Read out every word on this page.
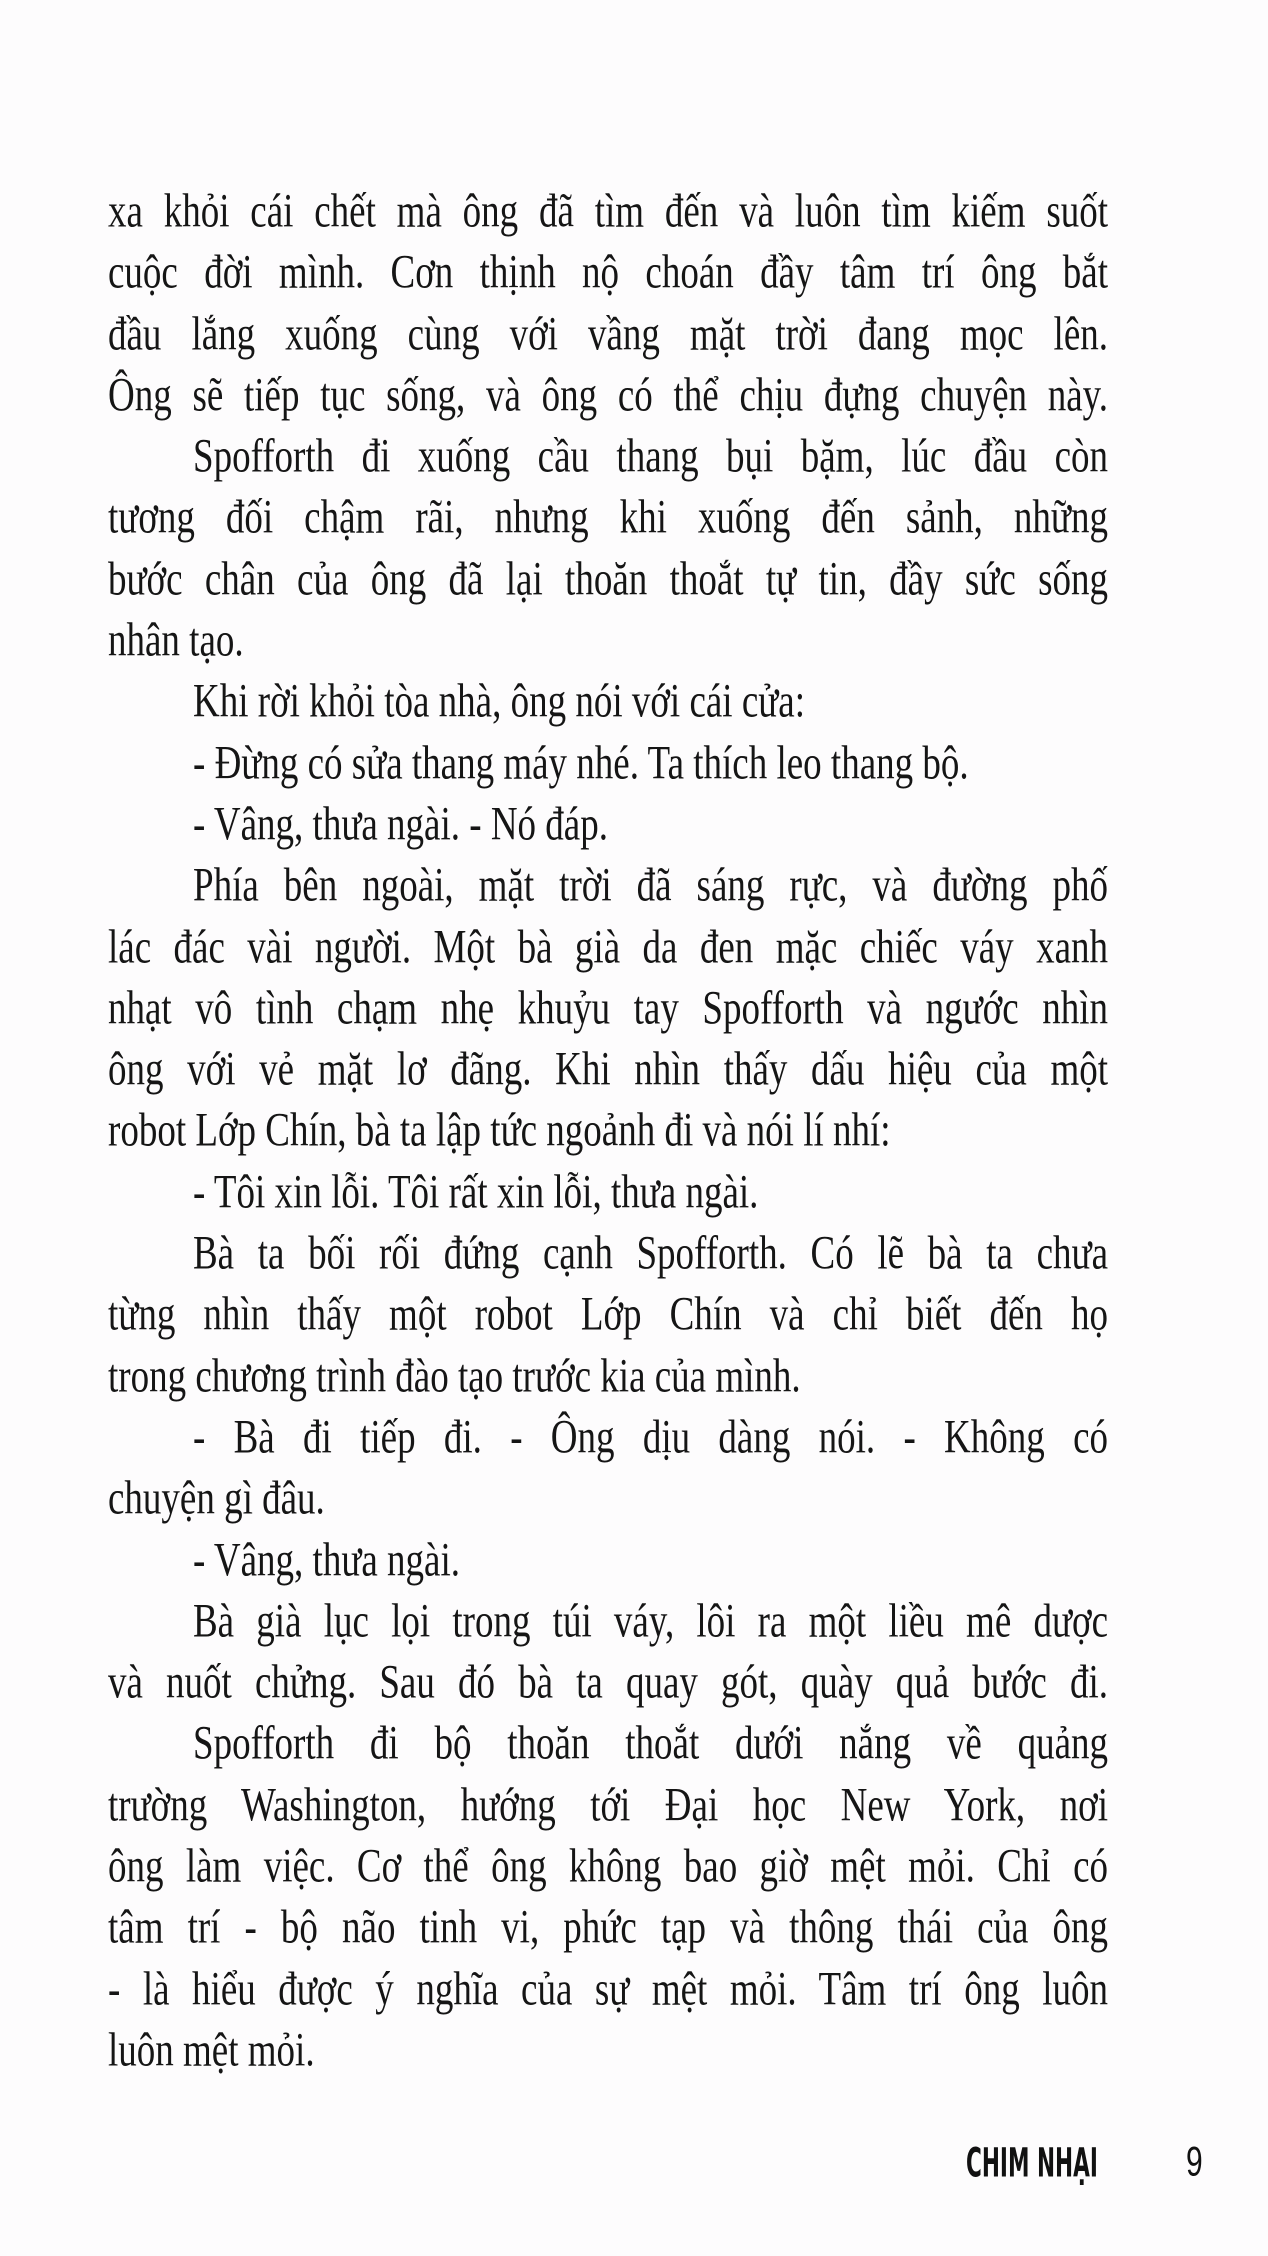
xa khỏi cái chết mà ông đã tìm đến và luôn tìm kiếm suốt
cuộc đời mình. Cơn thịnh nộ choán đầy tâm trí ông bắt
đầu lắng xuống cùng với vầng mặt trời đang mọc lên.
Ông sẽ tiếp tục sống, và ông có thể chịu đựng chuyện này.
Spofforth đi xuống cầu thang bụi bặm, lúc đầu còn
tương đối chậm rãi, nhưng khi xuống đến sảnh, những
bước chân của ông đã lại thoăn thoắt tự tin, đầy sức sống
nhân tạo.
Khi rời khỏi tòa nhà, ông nói với cái cửa:
- Đừng có sửa thang máy nhé. Ta thích leo thang bộ.
- Vâng, thưa ngài. - Nó đáp.
Phía bên ngoài, mặt trời đã sáng rực, và đường phố
lác đác vài người. Một bà già da đen mặc chiếc váy xanh
nhạt vô tình chạm nhẹ khuỷu tay Spofforth và ngước nhìn
ông với vẻ mặt lơ đãng. Khi nhìn thấy dấu hiệu của một
robot Lớp Chín, bà ta lập tức ngoảnh đi và nói lí nhí:
- Tôi xin lỗi. Tôi rất xin lỗi, thưa ngài.
Bà ta bối rối đứng cạnh Spofforth. Có lẽ bà ta chưa
từng nhìn thấy một robot Lớp Chín và chỉ biết đến họ
trong chương trình đào tạo trước kia của mình.
- Bà đi tiếp đi. - Ông dịu dàng nói. - Không có
chuyện gì đâu.
- Vâng, thưa ngài.
Bà già lục lọi trong túi váy, lôi ra một liều mê dược
và nuốt chửng. Sau đó bà ta quay gót, quày quả bước đi.
Spofforth đi bộ thoăn thoắt dưới nắng về quảng
trường Washington, hướng tới Đại học New York, nơi
ông làm việc. Cơ thể ông không bao giờ mệt mỏi. Chỉ có
tâm trí - bộ não tinh vi, phức tạp và thông thái của ông
- là hiểu được ý nghĩa của sự mệt mỏi. Tâm trí ông luôn
luôn mệt mỏi.
CHIM NHẠI	9
